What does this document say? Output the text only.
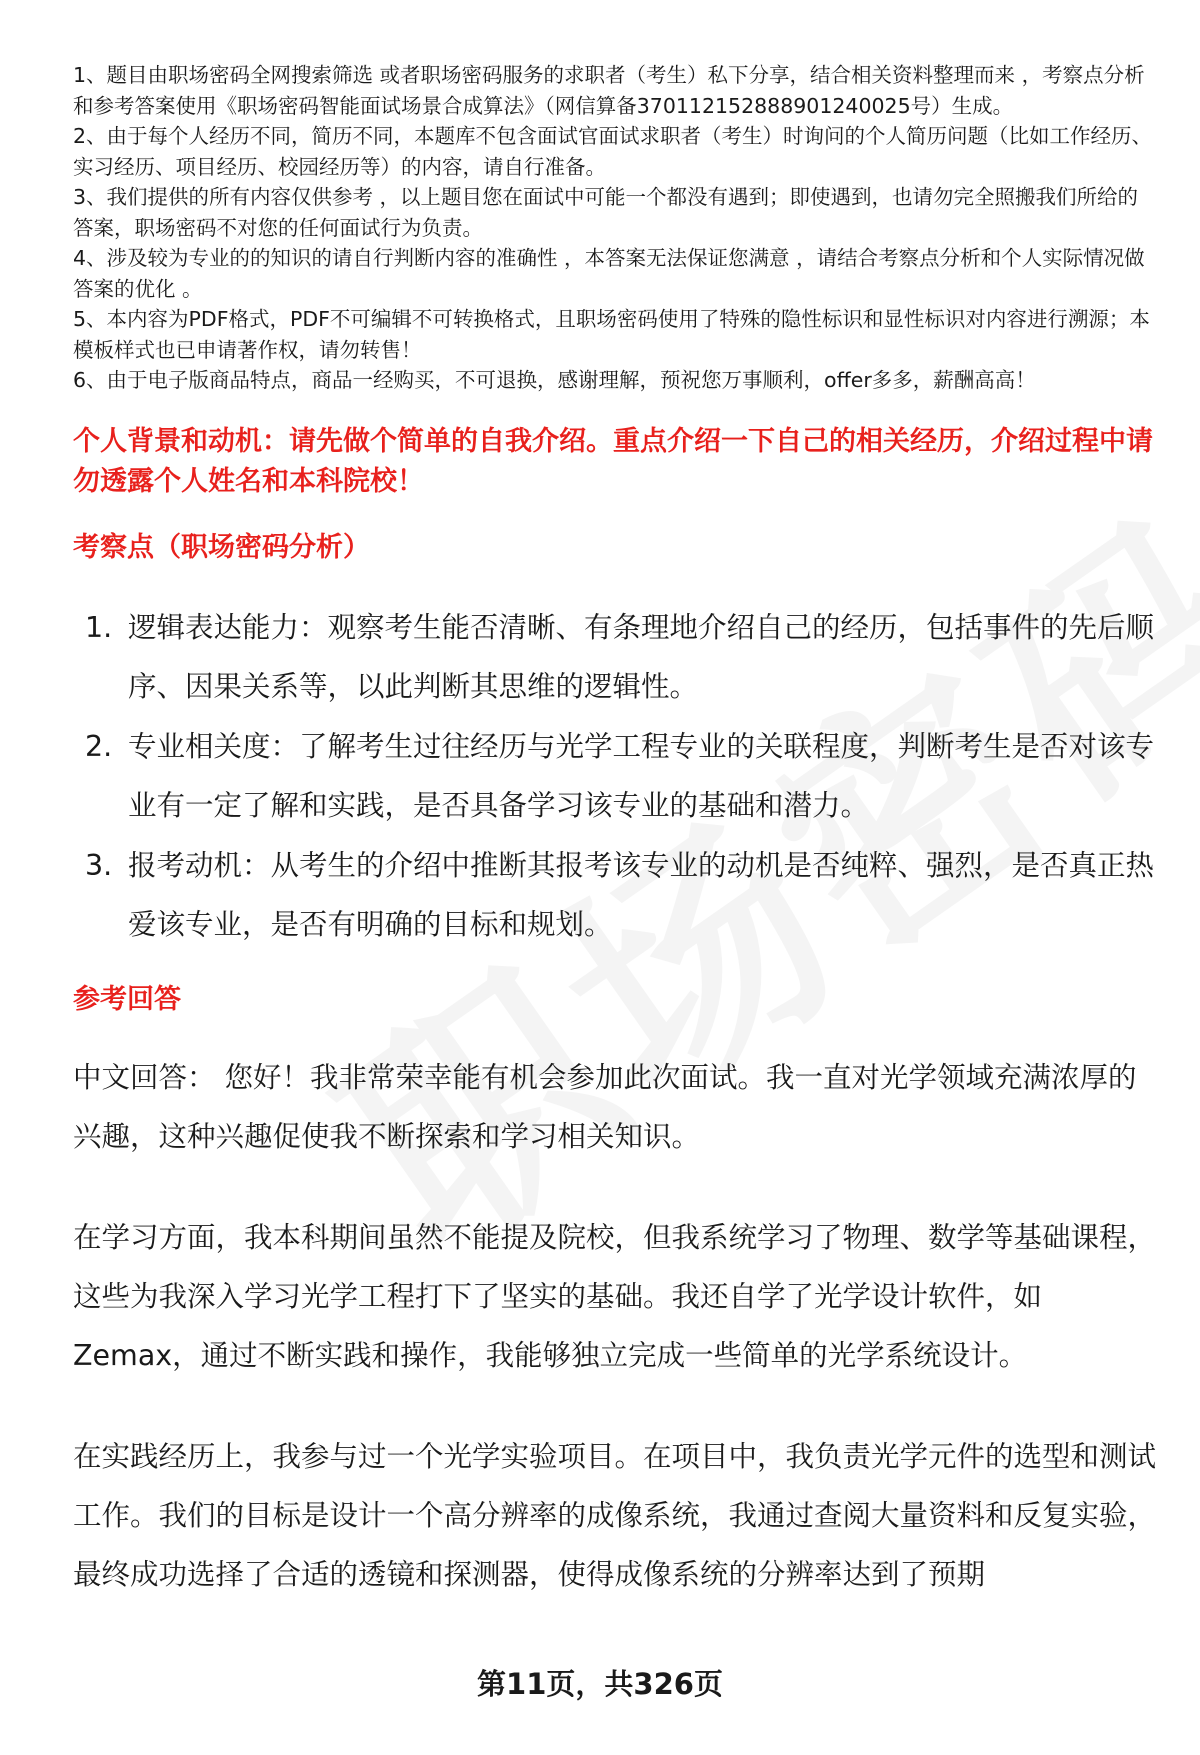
1、题目由职场密码全网搜索筛选 或者职场密码服务的求职者（考生）私下分享，结合相关资料整理而来 ，考察点分析和参考答案使用《职场密码智能面试场景合成算法》（网信算备370112152888901240025号）生成。

2、由于每个人经历不同，简历不同，本题库不包含面试官面试求职者（考生）时询问的个人简历问题（比如工作经历、实习经历、项目经历、校园经历等）的内容，请自行准备。

3、我们提供的所有内容仅供参考 ，以上题目您在面试中可能一个都没有遇到；即使遇到，也请勿完全照搬我们所给的答案，职场密码不对您的任何面试行为负责。

4、涉及较为专业的的知识的请自行判断内容的准确性 ，本答案无法保证您满意 ，请结合考察点分析和个人实际情况做答案的优化 。

5、本内容为PDF格式，PDF不可编辑不可转换格式，且职场密码使用了特殊的隐性标识和显性标识对内容进行溯源；本模板样式也已申请著作权，请勿转售！

6、由于电子版商品特点，商品一经购买，不可退换，感谢理解，预祝您万事顺利，offer多多，薪酬高高！

个人背景和动机：请先做个简单的自我介绍。重点介绍一下自己的相关经历，介绍过程中请勿透露个人姓名和本科院校！
考察点（职场密码分析）
1. 逻辑表达能力：观察考生能否清晰、有条理地介绍自己的经历，包括事件的先后顺序、因果关系等，以此判断其思维的逻辑性。
2. 专业相关度：了解考生过往经历与光学工程专业的关联程度，判断考生是否对该专业有一定了解和实践，是否具备学习该专业的基础和潜力。
3. 报考动机：从考生的介绍中推断其报考该专业的动机是否纯粹、强烈，是否真正热爱该专业，是否有明确的目标和规划。
参考回答

中文回答： 您好！我非常荣幸能有机会参加此次面试。我一直对光学领域充满浓厚的兴趣，这种兴趣促使我不断探索和学习相关知识。

在学习方面，我本科期间虽然不能提及院校，但我系统学习了物理、数学等基础课程，这些为我深入学习光学工程打下了坚实的基础。我还自学了光学设计软件，如Zemax，通过不断实践和操作，我能够独立完成一些简单的光学系统设计。

在实践经历上，我参与过一个光学实验项目。在项目中，我负责光学元件的选型和测试工作。我们的目标是设计一个高分辨率的成像系统，我通过查阅大量资料和反复实验，最终成功选择了合适的透镜和探测器，使得成像系统的分辨率达到了预期

第11页，共326页
